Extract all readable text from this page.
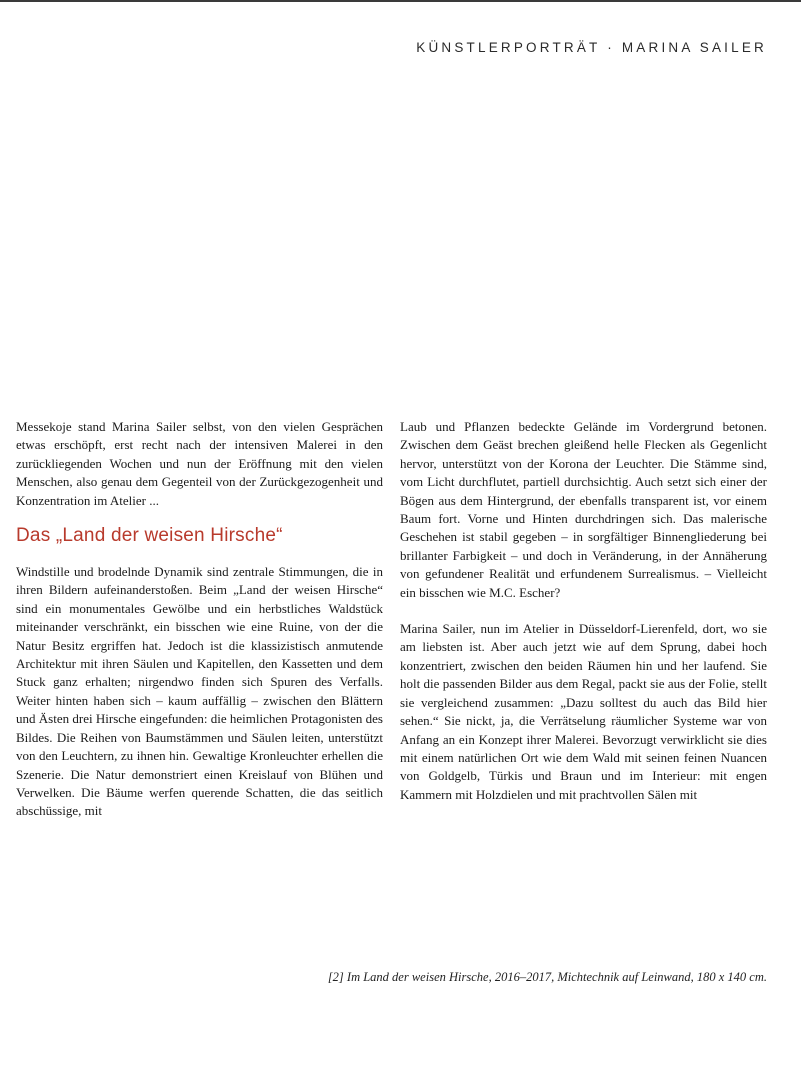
KÜNSTLERPORTRÄT · MARINA SAILER

Messekoje stand Marina Sailer selbst, von den vielen Gesprächen etwas erschöpft, erst recht nach der intensiven Malerei in den zurückliegenden Wochen und nun der Eröffnung mit den vielen Menschen, also genau dem Gegenteil von der Zurückgezogenheit und Konzentration im Atelier ...

Das „Land der weisen Hirsche“

Windstille und brodelnde Dynamik sind zentrale Stimmungen, die in ihren Bildern aufeinanderstoßen. Beim „Land der weisen Hirsche“ sind ein monumentales Gewölbe und ein herbstliches Waldstück miteinander verschränkt, ein bisschen wie eine Ruine, von der die Natur Besitz ergriffen hat. Jedoch ist die klassizistisch anmutende Architektur mit ihren Säulen und Kapitellen, den Kassetten und dem Stuck ganz erhalten; nirgendwo finden sich Spuren des Verfalls. Weiter hinten haben sich – kaum auffällig – zwischen den Blättern und Ästen drei Hirsche eingefunden: die heimlichen Protagonisten des Bildes. Die Reihen von Baumstämmen und Säulen leiten, unterstützt von den Leuchtern, zu ihnen hin. Gewaltige Kronleuchter erhellen die Szenerie. Die Natur demonstriert einen Kreislauf von Blühen und Verwelken. Die Bäume werfen querende Schatten, die das seitlich abschüssige, mit

Laub und Pflanzen bedeckte Gelände im Vordergrund betonen. Zwischen dem Geäst brechen gleißend helle Flecken als Gegenlicht hervor, unterstützt von der Korona der Leuchter. Die Stämme sind, vom Licht durchflutet, partiell durchsichtig. Auch setzt sich einer der Bögen aus dem Hintergrund, der ebenfalls transparent ist, vor einem Baum fort. Vorne und Hinten durchdringen sich. Das malerische Geschehen ist stabil gegeben – in sorgfältiger Binnengliederung bei brillanter Farbigkeit – und doch in Veränderung, in der Annäherung von gefundener Realität und erfundenem Surrealismus. – Vielleicht ein bisschen wie M.C. Escher?

Marina Sailer, nun im Atelier in Düsseldorf-Lierenfeld, dort, wo sie am liebsten ist. Aber auch jetzt wie auf dem Sprung, dabei hoch konzentriert, zwischen den beiden Räumen hin und her laufend. Sie holt die passenden Bilder aus dem Regal, packt sie aus der Folie, stellt sie vergleichend zusammen: „Dazu solltest du auch das Bild hier sehen.“ Sie nickt, ja, die Verrätselung räumlicher Systeme war von Anfang an ein Konzept ihrer Malerei. Bevorzugt verwirklicht sie dies mit einem natürlichen Ort wie dem Wald mit seinen feinen Nuancen von Goldgelb, Türkis und Braun und im Interieur: mit engen Kammern mit Holzdielen und mit prachtvollen Sälen mit

[2] Im Land der weisen Hirsche, 2016–2017, Michtechnik auf Leinwand, 180 x 140 cm.
